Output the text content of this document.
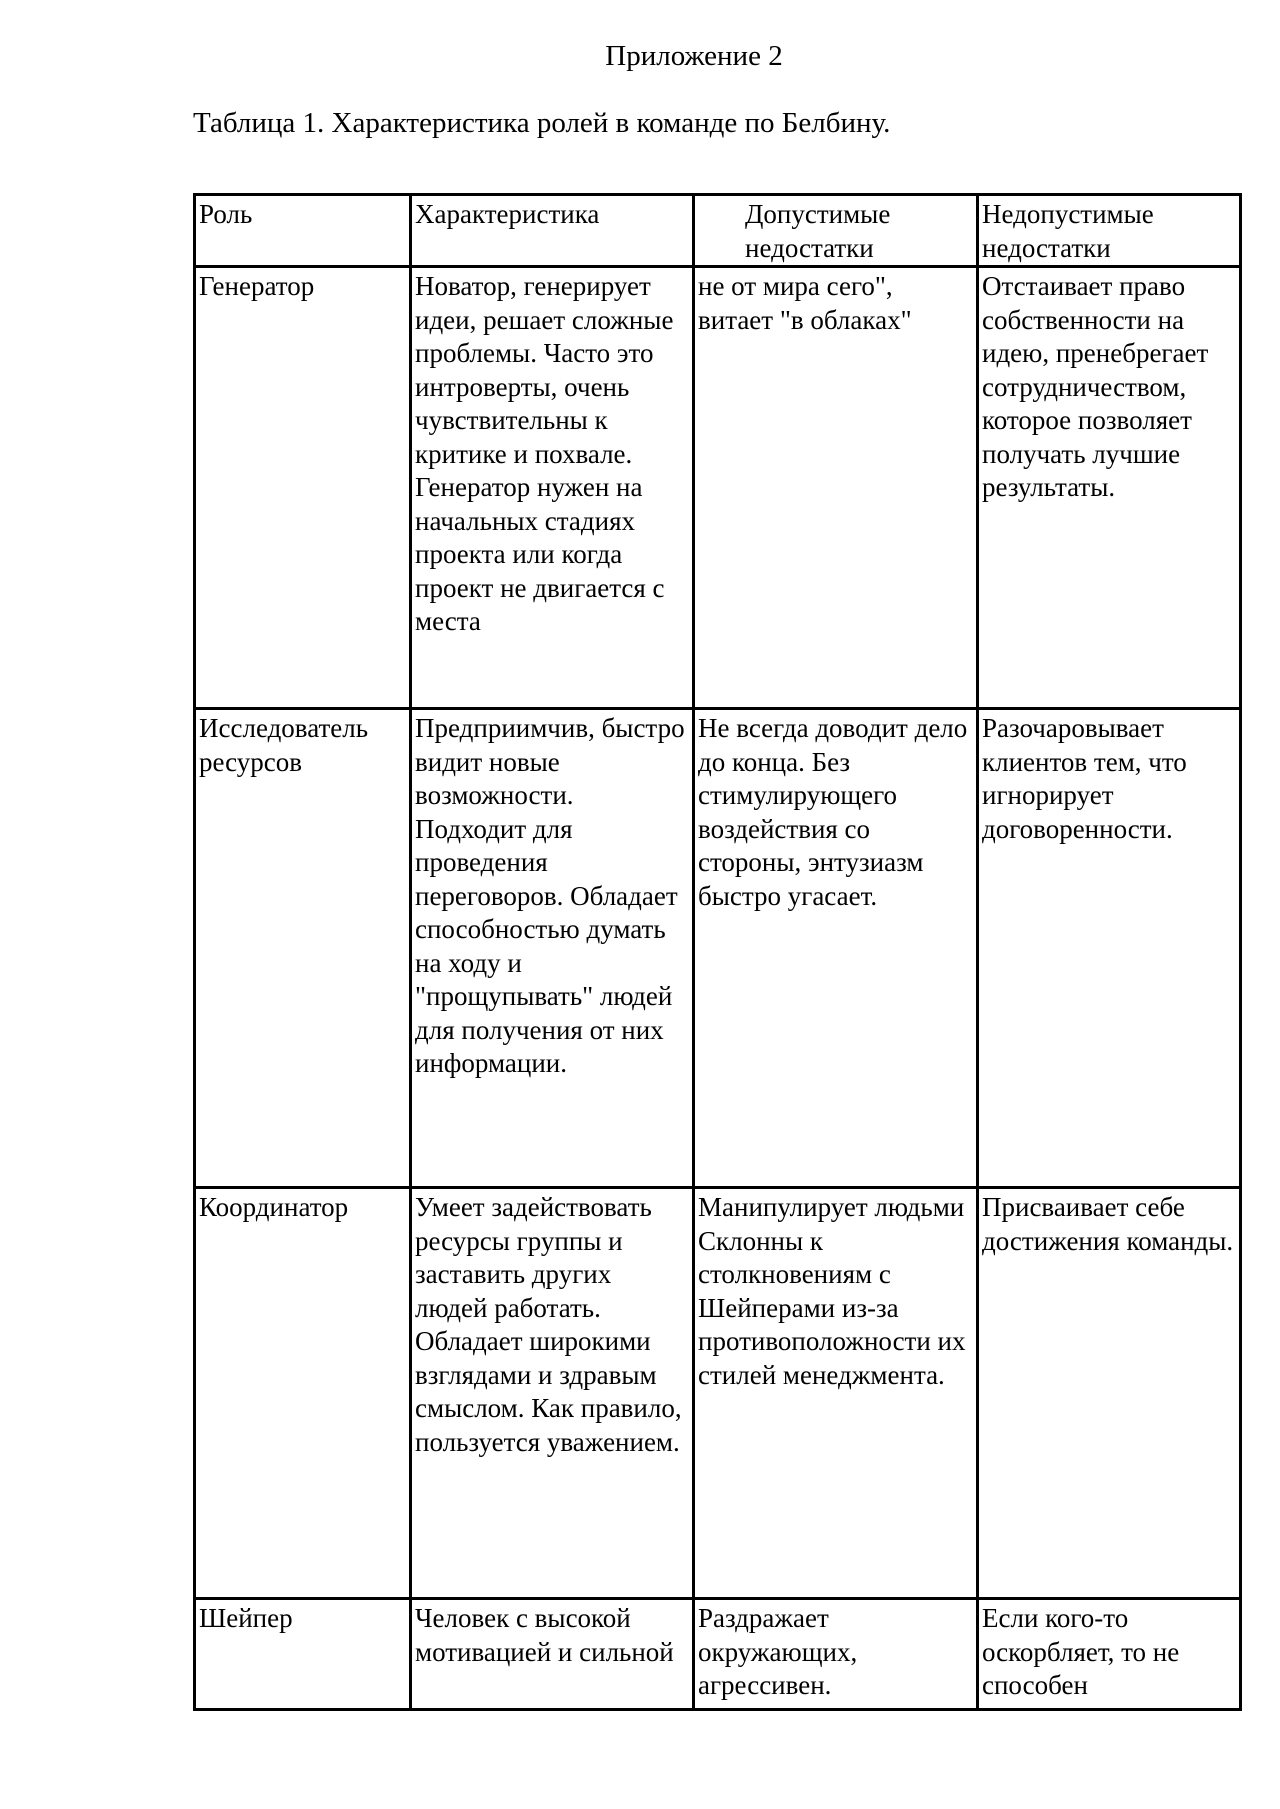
Приложение 2
Таблица 1. Характеристика ролей в команде по Белбину.
Роль	Характеристика	Допустимые недостатки	Недопустимые недостатки
Генератор	Новатор, генерирует идеи, решает сложные проблемы. Часто это интроверты, очень чувствительны к критике и похвале. Генератор нужен на начальных стадиях проекта или когда проект не двигается с места	не от мира сего", витает "в облаках"	Отстаивает право собственности на идею, пренебрегает сотрудничеством, которое позволяет получать лучшие результаты.
Исследователь ресурсов	Предприимчив, быстро видит новые возможности. Подходит для проведения переговоров. Обладает способностью думать на ходу и "прощупывать" людей для получения от них информации.	Не всегда доводит дело до конца. Без стимулирующего воздействия со стороны, энтузиазм быстро угасает.	Разочаровывает клиентов тем, что игнорирует договоренности.
Координатор	Умеет задействовать ресурсы группы и заставить других людей работать. Обладает широкими взглядами и здравым смыслом. Как правило, пользуется уважением.	Манипулирует людьми Склонны к столкновениям с Шейперами из-за противоположности их стилей менеджмента.	Присваивает себе достижения команды.
Шейпер	Человек с высокой мотивацией и сильной	Раздражает окружающих, агрессивен.	Если кого-то оскорбляет, то не способен
